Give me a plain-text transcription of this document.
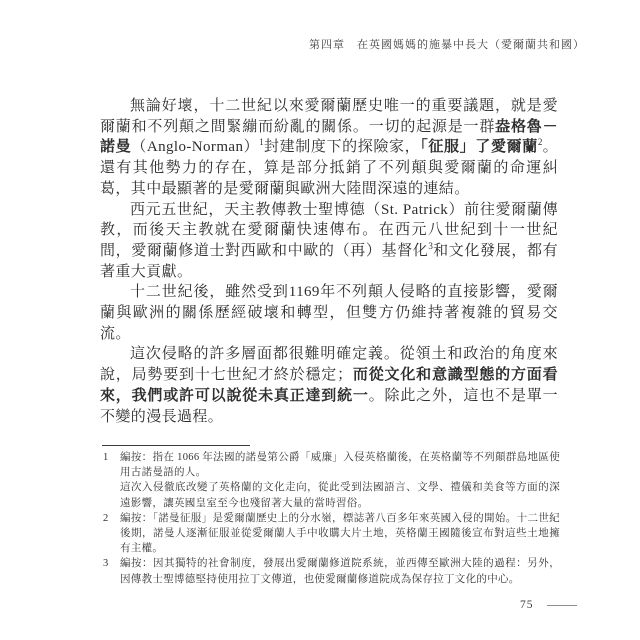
第四章　在英國媽媽的施暴中長大（愛爾蘭共和國）

無論好壞，十二世紀以來愛爾蘭歷史唯一的重要議題，就是愛爾蘭和不列顛之間緊繃而紛亂的關係。一切的起源是一群盎格魯－諾曼（Anglo-Norman）$^1$封建制度下的探險家，「征服」了愛爾蘭$^2$。還有其他勢力的存在，算是部分抵銷了不列顛與愛爾蘭的命運糾葛，其中最顯著的是愛爾蘭與歐洲大陸間深遠的連結。

西元五世紀，天主教傳教士聖博德（St. Patrick）前往愛爾蘭傳教，而後天主教就在愛爾蘭快速傳布。在西元八世紀到十一世紀間，愛爾蘭修道士對西歐和中歐的（再）基督化$^3$和文化發展，都有著重大貢獻。

十二世紀後，雖然受到1169年不列顛人侵略的直接影響，愛爾蘭與歐洲的關係歷經破壞和轉型，但雙方仍維持著複雜的貿易交流。

這次侵略的許多層面都很難明確定義。從領土和政治的角度來說，局勢要到十七世紀才終於穩定；而從文化和意識型態的方面看來，我們或許可以說從未真正達到統一。除此之外，這也不是單一不變的漫長過程。

1	編按：指在 1066 年法國的諾曼第公爵「威廉」入侵英格蘭後，在英格蘭等不列顛群島地區使用古諾曼語的人。

這次入侵徹底改變了英格蘭的文化走向，從此受到法國語言、文學、禮儀和美食等方面的深遠影響，讓英國皇室至今也殘留著大量的當時習俗。

2	編按：「諾曼征服」是愛爾蘭歷史上的分水嶺，標誌著八百多年來英國入侵的開始。十二世紀後期，諾曼人逐漸征服並從愛爾蘭人手中收購大片土地，英格蘭王國隨後宣布對這些土地擁有主權。

3	編按：因其獨特的社會制度，發展出愛爾蘭修道院系統，並西傳至歐洲大陸的過程：另外，因傳教士聖博德堅持使用拉丁文傳道，也使愛爾蘭修道院成為保存拉丁文化的中心。

75
